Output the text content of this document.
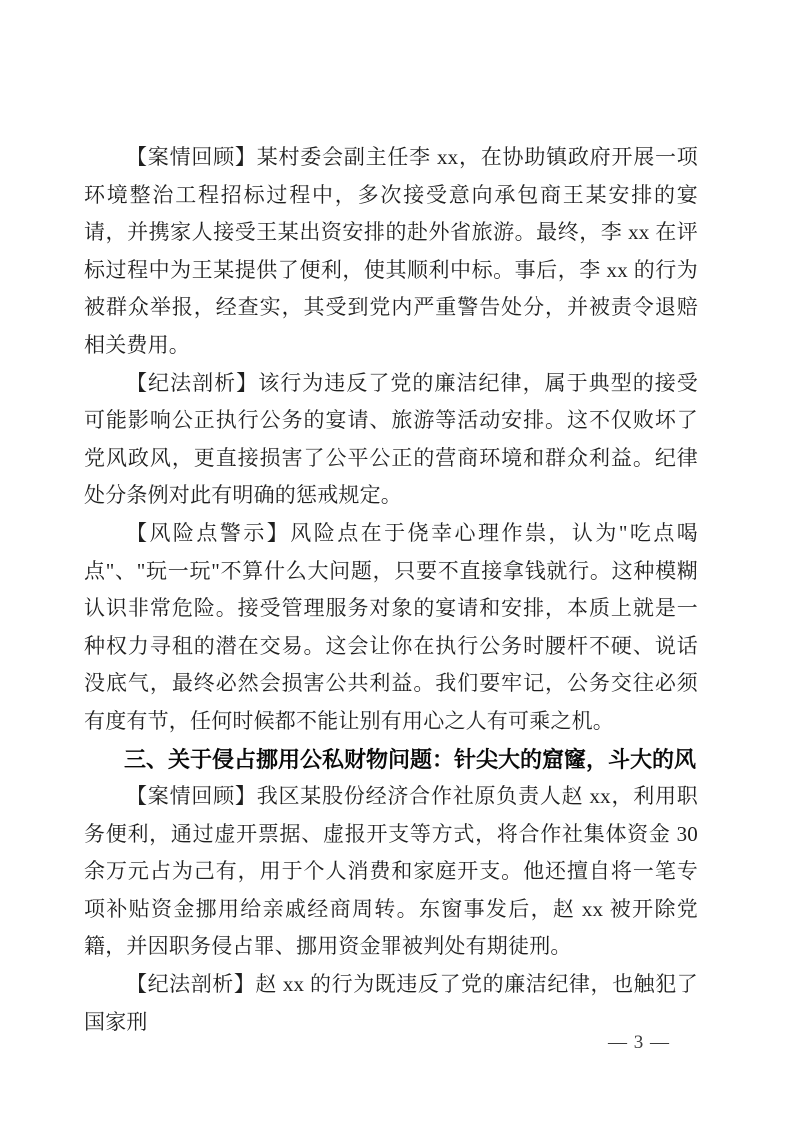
【案情回顾】某村委会副主任李 xx，在协助镇政府开展一项环境整治工程招标过程中，多次接受意向承包商王某安排的宴请，并携家人接受王某出资安排的赴外省旅游。最终，李 xx 在评标过程中为王某提供了便利，使其顺利中标。事后，李 xx 的行为被群众举报，经查实，其受到党内严重警告处分，并被责令退赔相关费用。

【纪法剖析】该行为违反了党的廉洁纪律，属于典型的接受可能影响公正执行公务的宴请、旅游等活动安排。这不仅败坏了党风政风，更直接损害了公平公正的营商环境和群众利益。纪律处分条例对此有明确的惩戒规定。

【风险点警示】风险点在于侥幸心理作祟，认为"吃点喝点"、"玩一玩"不算什么大问题，只要不直接拿钱就行。这种模糊认识非常危险。接受管理服务对象的宴请和安排，本质上就是一种权力寻租的潜在交易。这会让你在执行公务时腰杆不硬、说话没底气，最终必然会损害公共利益。我们要牢记，公务交往必须有度有节，任何时候都不能让别有用心之人有可乘之机。

三、关于侵占挪用公私财物问题：针尖大的窟窿，斗大的风

【案情回顾】我区某股份经济合作社原负责人赵 xx，利用职务便利，通过虚开票据、虚报开支等方式，将合作社集体资金 30 余万元占为己有，用于个人消费和家庭开支。他还擅自将一笔专项补贴资金挪用给亲戚经商周转。东窗事发后，赵 xx 被开除党籍，并因职务侵占罪、挪用资金罪被判处有期徒刑。

【纪法剖析】赵 xx 的行为既违反了党的廉洁纪律，也触犯了国家刑

— 3 —
